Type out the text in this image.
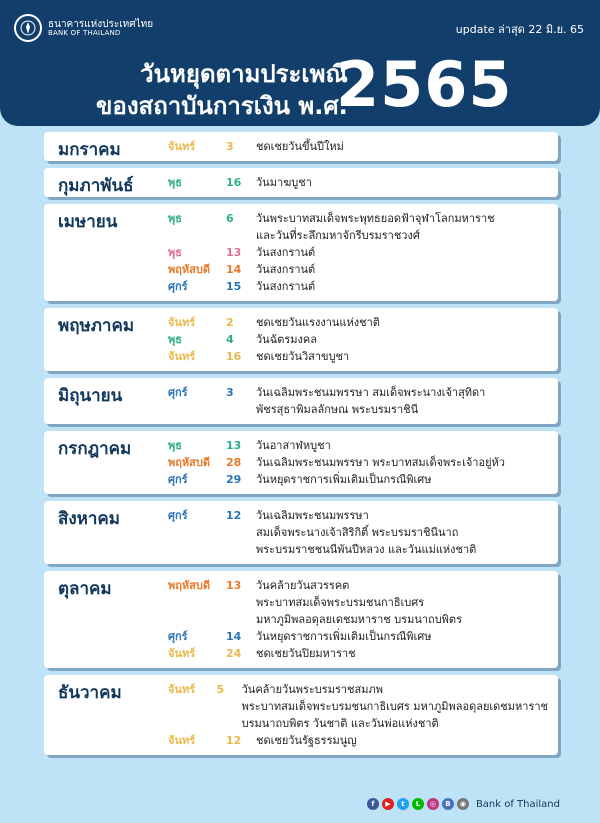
ธนาคารแห่งประเทศไทย
BANK OF THAILAND	update ล่าสุด 22 มิ.ย. 65
วันหยุดตามประเพณี
ของสถาบันการเงิน พ.ศ.
2565
มกราคม	จันทร์	3	ชดเชยวันขึ้นปีใหม่
กุมภาพันธ์	พุธ	16	วันมาฆบูชา
เมษายน	พุธ	6	วันพระบาทสมเด็จพระพุทธยอดฟ้าจุฬาโลกมหาราช
และวันที่ระลึกมหาจักรีบรมราชวงศ์
พุธ	13	วันสงกรานต์
พฤหัสบดี	14	วันสงกรานต์
ศุกร์	15	วันสงกรานต์
พฤษภาคม	จันทร์	2	ชดเชยวันแรงงานแห่งชาติ
พุธ	4	วันฉัตรมงคล
จันทร์	16	ชดเชยวันวิสาขบูชา
มิถุนายน	ศุกร์	3	วันเฉลิมพระชนมพรรษา สมเด็จพระนางเจ้าสุทิดา
พัชรสุธาพิมลลักษณ พระบรมราชินี
กรกฎาคม	พุธ	13	วันอาสาฬหบูชา
พฤหัสบดี	28	วันเฉลิมพระชนมพรรษา พระบาทสมเด็จพระเจ้าอยู่หัว
ศุกร์	29	วันหยุดราชการเพิ่มเติมเป็นกรณีพิเศษ
สิงหาคม	ศุกร์	12	วันเฉลิมพระชนมพรรษา
สมเด็จพระนางเจ้าสิริกิติ์ พระบรมราชินีนาถ
พระบรมราชชนนีพันปีหลวง และวันแม่แห่งชาติ
ตุลาคม	พฤหัสบดี	13	วันคล้ายวันสวรรคต
พระบาทสมเด็จพระบรมชนกาธิเบศร
มหาภูมิพลอดุลยเดชมหาราช บรมนาถบพิตร
ศุกร์	14	วันหยุดราชการเพิ่มเติมเป็นกรณีพิเศษ
จันทร์	24	ชดเชยวันปิยมหาราช
ธันวาคม	จันทร์	5	วันคล้ายวันพระบรมราชสมภพ
พระบาทสมเด็จพระบรมชนกาธิเบศร มหาภูมิพลอดุลยเดชมหาราช
บรมนาถบพิตร วันชาติ และวันพ่อแห่งชาติ
จันทร์	12	ชดเชยวันรัฐธรรมนูญ
f	▶	t	L	◎	B	◉ Bank of Thailand
